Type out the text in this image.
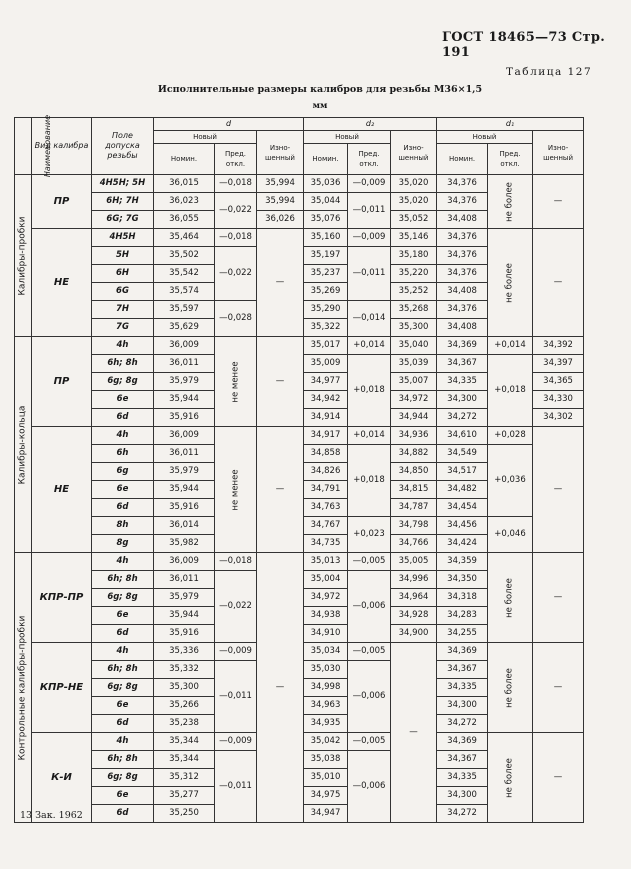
ГОСТ 18465—73 Стр. 191
Таблица 127
Исполнительные размеры калибров для резьбы М36×1,5
мм
Наименование	Вид калибра	Поле допуска резьбы	d			d₂			d₁		
			Новый		Изно-шенный	Новый		Изно-шенный	Новый		Изно-шенный
			Номин.	Пред. откл.		Номин.	Пред. откл.		Номин.	Пред. откл.	

Калибры-пробки	ПР	4H5H; 5H	36,015	—0,018	35,994	35,036	—0,009	35,020	34,376	не более	—
		6H; 7H	36,023	—0,022	35,994	35,044	—0,011	35,020	34,376		
		6G; 7G	36,055		36,026	35,076		35,052	34,408		
	НЕ	4H5H	35,464	—0,018	—	35,160	—0,009	35,146	34,376	не более	—
		5H	35,502	—0,022		35,197	—0,011	35,180	34,376		
		6H	35,542			35,237		35,220	34,376		
		6G	35,574			35,269		35,252	34,408		
		7H	35,597	—0,028		35,290	—0,014	35,268	34,376		
		7G	35,629			35,322		35,300	34,408		

Калибры-кольца	ПР	4h	36,009	не менее	—	35,017	+0,014	35,040	34,369	+0,014	34,392
		6h; 8h	36,011			35,009	+0,018	35,039	34,367	+0,018	34,397
		6g; 8g	35,979			34,977		35,007	34,335		34,365
		6e	35,944			34,942		34,972	34,300		34,330
		6d	35,916			34,914		34,944	34,272		34,302
	НЕ	4h	36,009	не менее	—	34,917	+0,014	34,936	34,610	+0,028	—
		6h	36,011			34,858	+0,018	34,882	34,549	+0,036	
		6g	35,979			34,826		34,850	34,517		
		6e	35,944			34,791		34,815	34,482		
		6d	35,916			34,763		34,787	34,454		
		8h	36,014			34,767	+0,023	34,798	34,456	+0,046	
		8g	35,982			34,735		34,766	34,424		

Контрольные калибры-пробки	КПР-ПР	4h	36,009	—0,018	—	35,013	—0,005	35,005	34,359	не более	—
		6h; 8h	36,011	—0,022		35,004	—0,006	34,996	34,350		
		6g; 8g	35,979			34,972		34,964	34,318		
		6e	35,944			34,938		34,928	34,283		
		6d	35,916			34,910		34,900	34,255		
	КПР-НЕ	4h	35,336	—0,009		35,034	—0,005	—	34,369	не более	—
		6h; 8h	35,332	—0,011		35,030	—0,006		34,367		
		6g; 8g	35,300			34,998			34,335		
		6e	35,266			34,963			34,300		
		6d	35,238			34,935			34,272		
	К-И	4h	35,344	—0,009		35,042	—0,005		34,369	не более	—
		6h; 8h	35,344	—0,011		35,038	—0,006		34,367		
		6g; 8g	35,312			35,010			34,335		
		6e	35,277			34,975			34,300		
		6d	35,250			34,947			34,272		
13 Зак. 1962
